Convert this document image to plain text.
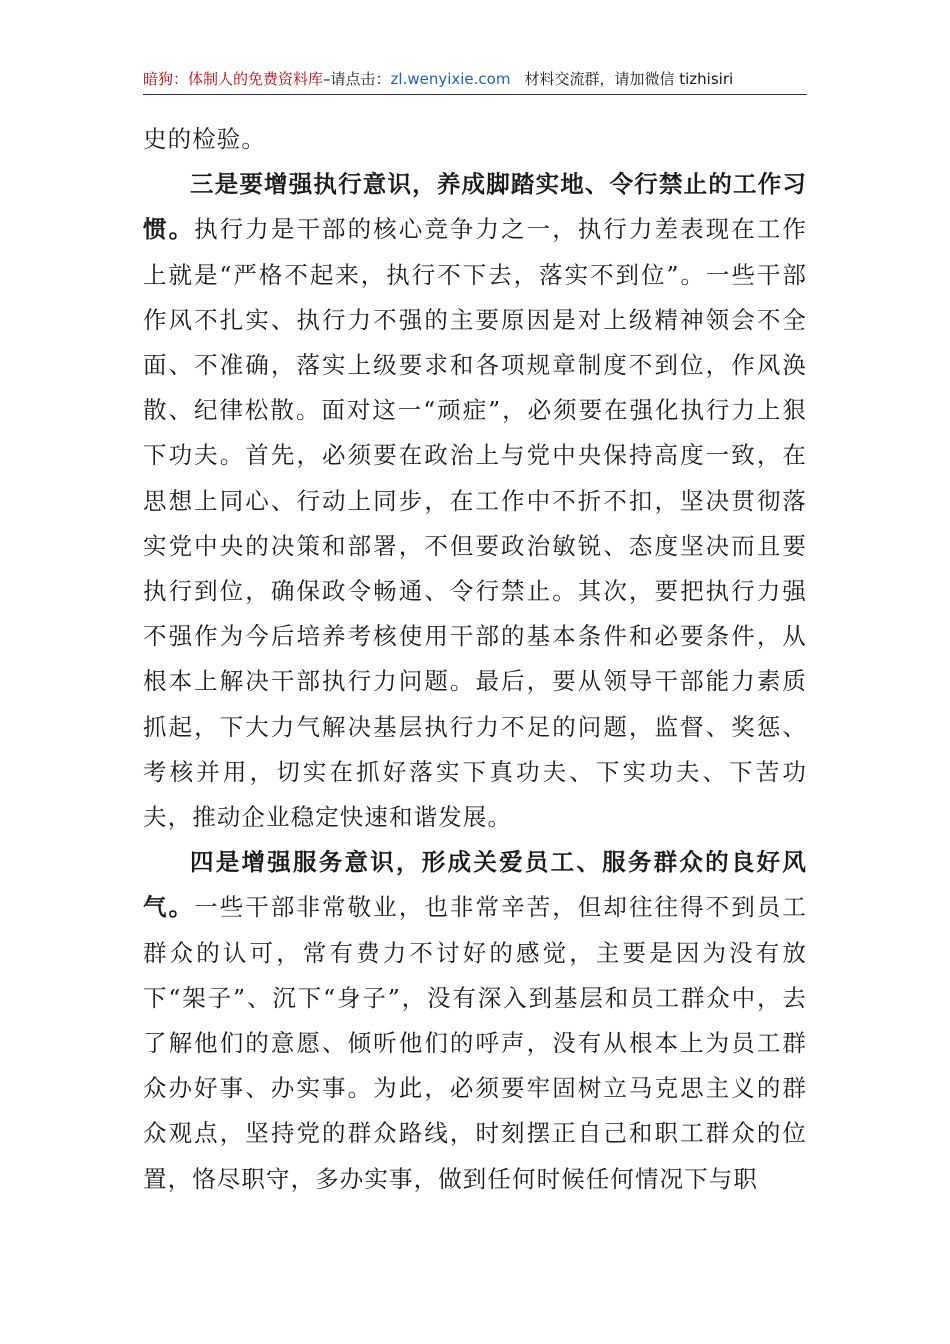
暗狗：体制人的免费资料库–请点击：zl.wenyixie.com 材料交流群，请加微信 tizhisiri

史的检验。

三是要增强执行意识，养成脚踏实地、令行禁止的工作习惯。执行力是干部的核心竞争力之一，执行力差表现在工作上就是“严格不起来，执行不下去，落实不到位”。一些干部作风不扎实、执行力不强的主要原因是对上级精神领会不全面、不准确，落实上级要求和各项规章制度不到位，作风涣散、纪律松散。面对这一“顽症”，必须要在强化执行力上狠下功夫。首先，必须要在政治上与党中央保持高度一致，在思想上同心、行动上同步，在工作中不折不扣，坚决贯彻落实党中央的决策和部署，不但要政治敏锐、态度坚决而且要执行到位，确保政令畅通、令行禁止。其次，要把执行力强不强作为今后培养考核使用干部的基本条件和必要条件，从根本上解决干部执行力问题。最后，要从领导干部能力素质抓起，下大力气解决基层执行力不足的问题，监督、奖惩、考核并用，切实在抓好落实下真功夫、下实功夫、下苦功夫，推动企业稳定快速和谐发展。

四是增强服务意识，形成关爱员工、服务群众的良好风气。一些干部非常敬业，也非常辛苦，但却往往得不到员工群众的认可，常有费力不讨好的感觉，主要是因为没有放下“架子”、沉下“身子”，没有深入到基层和员工群众中，去了解他们的意愿、倾听他们的呼声，没有从根本上为员工群众办好事、办实事。为此，必须要牢固树立马克思主义的群众观点，坚持党的群众路线，时刻摆正自己和职工群众的位置，恪尽职守，多办实事，做到任何时候任何情况下与职
